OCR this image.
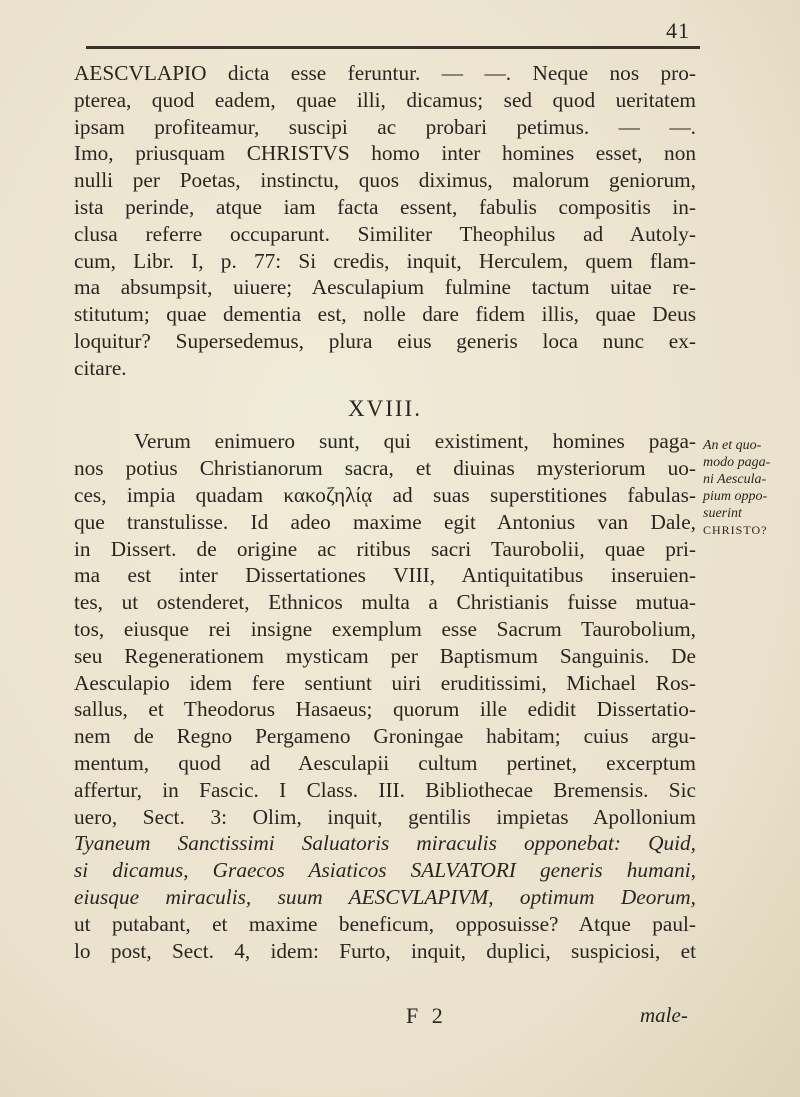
41
AESCVLAPIO dicta esse feruntur. — —. Neque nos pro-
pterea, quod eadem, quae illi, dicamus; sed quod ueritatem
ipsam profiteamur, suscipi ac probari petimus. — —.
Imo, priusquam CHRISTVS homo inter homines esset, non
nulli per Poetas, instinctu, quos diximus, malorum geniorum,
ista perinde, atque iam facta essent, fabulis compositis in-
clusa referre occuparunt. Similiter Theophilus ad Autoly-
cum, Libr. I, p. 77: Si credis, inquit, Herculem, quem flam-
ma absumpsit, uiuere; Aesculapium fulmine tactum uitae re-
stitutum; quae dementia est, nolle dare fidem illis, quae Deus
loquitur? Supersedemus, plura eius generis loca nunc ex-
citare.
XVIII.
Verum enimuero sunt, qui existiment, homines paga-
nos potius Christianorum sacra, et diuinas mysteriorum uo-
ces, impia quadam κακοζηλίᾳ ad suas superstitiones fabulas-
que transtulisse. Id adeo maxime egit Antonius van Dale,
in Dissert. de origine ac ritibus sacri Taurobolii, quae pri-
ma est inter Dissertationes VIII, Antiquitatibus inseruien-
tes, ut ostenderet, Ethnicos multa a Christianis fuisse mutua-
tos, eiusque rei insigne exemplum esse Sacrum Taurobolium,
seu Regenerationem mysticam per Baptismum Sanguinis. De
Aesculapio idem fere sentiunt uiri eruditissimi, Michael Ros-
sallus, et Theodorus Hasaeus; quorum ille edidit Dissertatio-
nem de Regno Pergameno Groningae habitam; cuius argu-
mentum, quod ad Aesculapii cultum pertinet, excerptum
affertur, in Fascic. I Class. III. Bibliothecae Bremensis. Sic
uero, Sect. 3: Olim, inquit, gentilis impietas Apollonium
Tyaneum Sanctissimi Saluatoris miraculis opponebat: Quid,
si dicamus, Graecos Asiaticos SALVATORI generis humani,
eiusque miraculis, suum AESCVLAPIVM, optimum Deorum,
ut putabant, et maxime beneficum, opposuisse? Atque paul-
lo post, Sect. 4, idem: Furto, inquit, duplici, suspiciosi, et
An et quo-
modo paga-
ni Aesculа-
pium oppo-
suerint
CHRISTO?
F 2	male-
